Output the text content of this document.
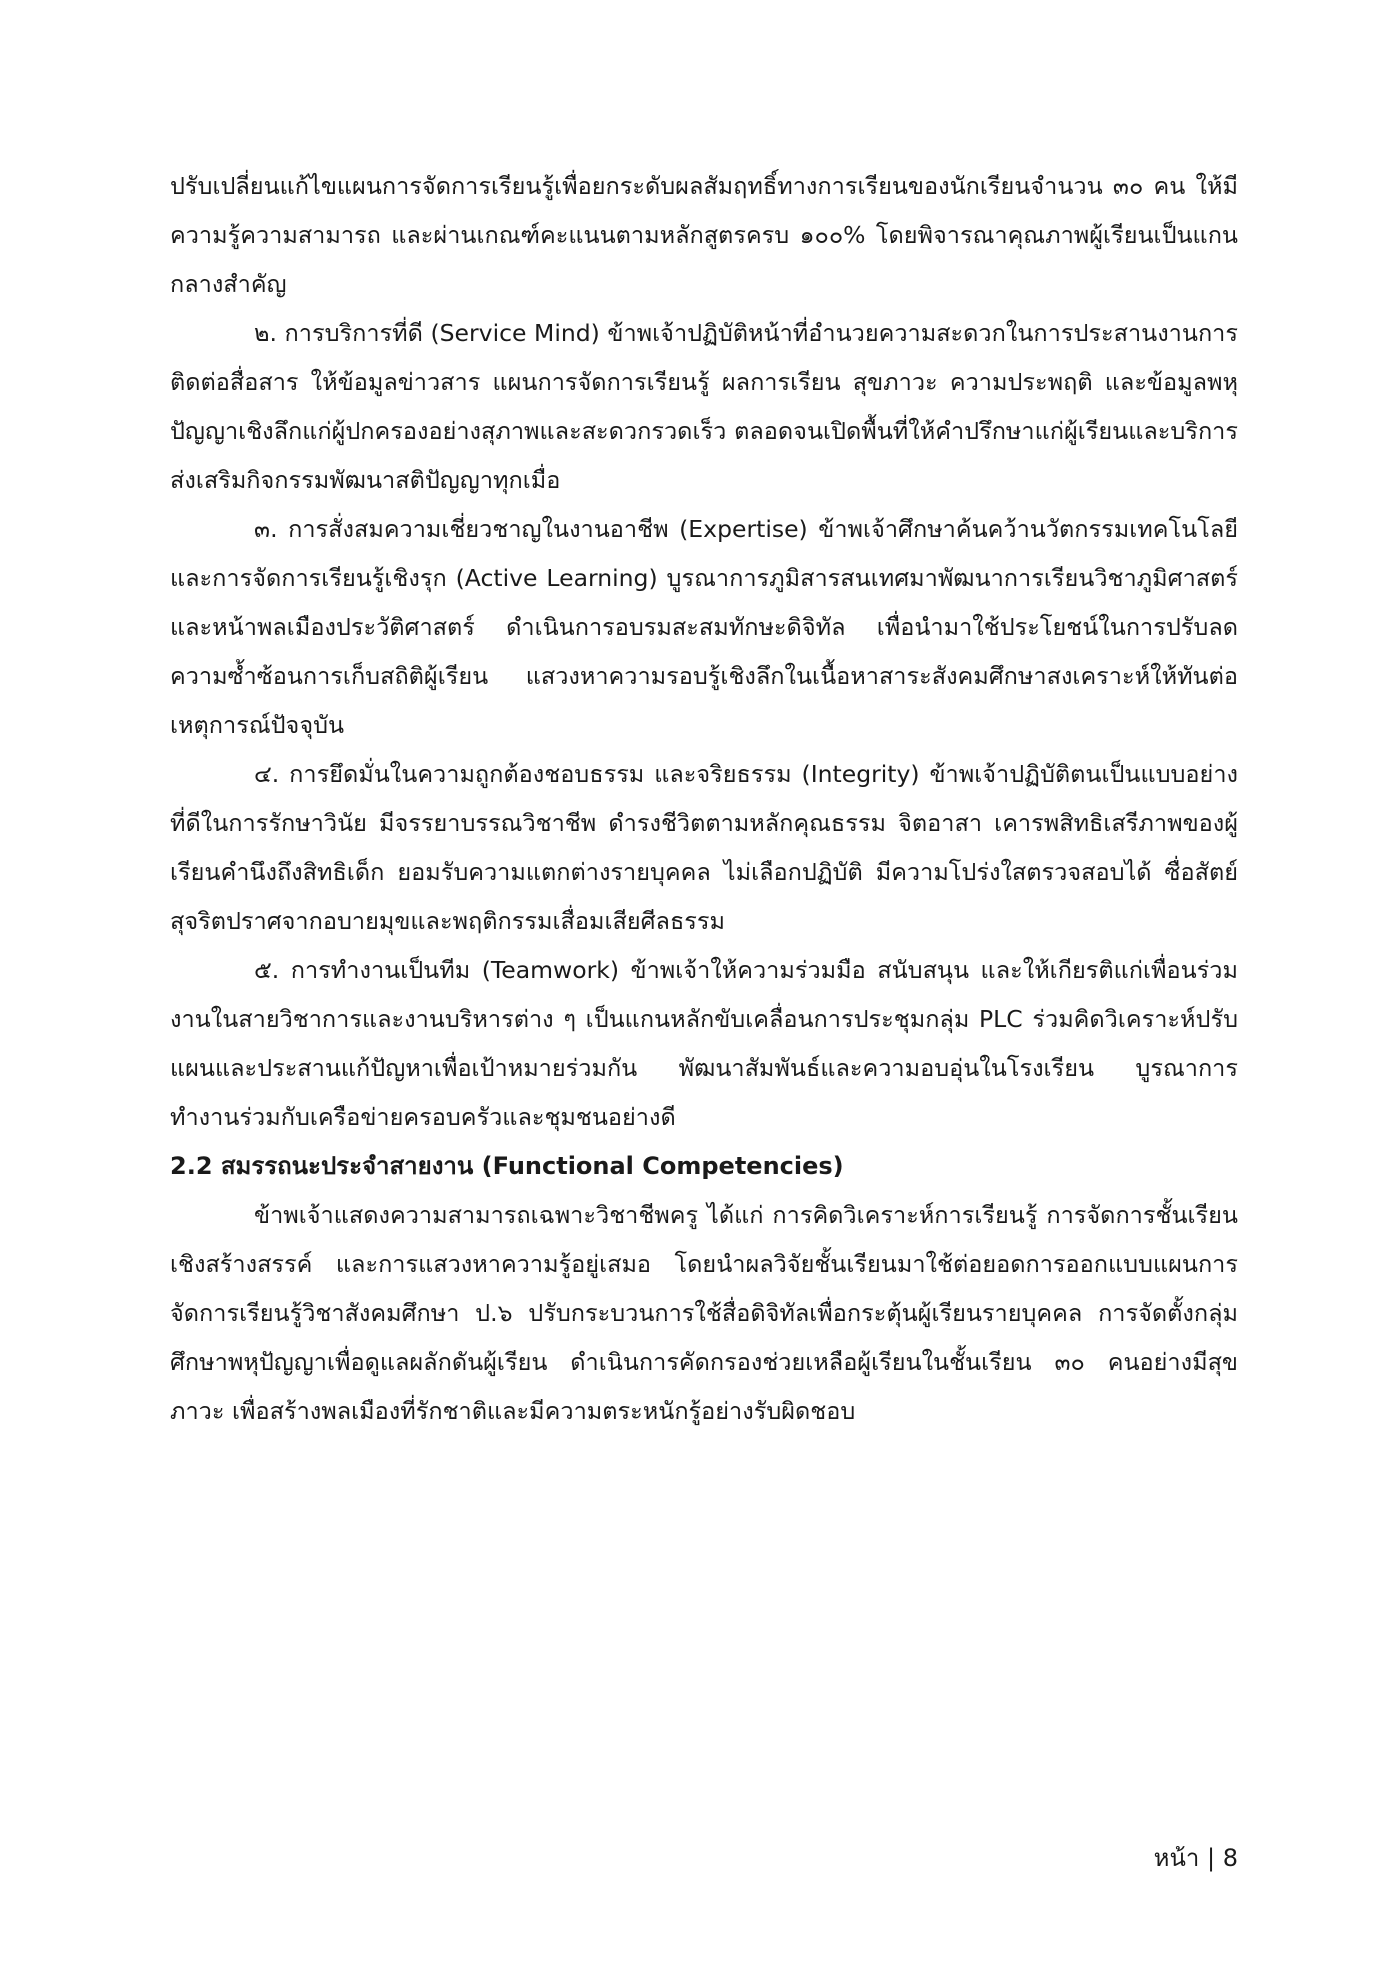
ปรับเปลี่ยนแก้ไขแผนการจัดการเรียนรู้เพื่อยกระดับผลสัมฤทธิ์ทางการเรียนของนักเรียนจำนวน ๓๐ คน ให้มีความรู้ความสามารถ และผ่านเกณฑ์คะแนนตามหลักสูตรครบ ๑๐๐% โดยพิจารณาคุณภาพผู้เรียนเป็นแกนกลางสำคัญ

๒. การบริการที่ดี (Service Mind) ข้าพเจ้าปฏิบัติหน้าที่อำนวยความสะดวกในการประสานงานการติดต่อสื่อสาร ให้ข้อมูลข่าวสาร แผนการจัดการเรียนรู้ ผลการเรียน สุขภาวะ ความประพฤติ และข้อมูลพหุปัญญาเชิงลึกแก่ผู้ปกครองอย่างสุภาพและสะดวกรวดเร็ว ตลอดจนเปิดพื้นที่ให้คำปรึกษาแก่ผู้เรียนและบริการส่งเสริมกิจกรรมพัฒนาสติปัญญาทุกเมื่อ

๓. การสั่งสมความเชี่ยวชาญในงานอาชีพ (Expertise) ข้าพเจ้าศึกษาค้นคว้านวัตกรรมเทคโนโลยีและการจัดการเรียนรู้เชิงรุก (Active Learning) บูรณาการภูมิสารสนเทศมาพัฒนาการเรียนวิชาภูมิศาสตร์และหน้าพลเมืองประวัติศาสตร์ ดำเนินการอบรมสะสมทักษะดิจิทัล เพื่อนำมาใช้ประโยชน์ในการปรับลดความซ้ำซ้อนการเก็บสถิติผู้เรียน แสวงหาความรอบรู้เชิงลึกในเนื้อหาสาระสังคมศึกษาสงเคราะห์ให้ทันต่อเหตุการณ์ปัจจุบัน

๔. การยึดมั่นในความถูกต้องชอบธรรม และจริยธรรม (Integrity) ข้าพเจ้าปฏิบัติตนเป็นแบบอย่างที่ดีในการรักษาวินัย มีจรรยาบรรณวิชาชีพ ดำรงชีวิตตามหลักคุณธรรม จิตอาสา เคารพสิทธิเสรีภาพของผู้เรียนคำนึงถึงสิทธิเด็ก ยอมรับความแตกต่างรายบุคคล ไม่เลือกปฏิบัติ มีความโปร่งใสตรวจสอบได้ ซื่อสัตย์สุจริตปราศจากอบายมุขและพฤติกรรมเสื่อมเสียศีลธรรม

๕. การทำงานเป็นทีม (Teamwork) ข้าพเจ้าให้ความร่วมมือ สนับสนุน และให้เกียรติแก่เพื่อนร่วมงานในสายวิชาการและงานบริหารต่าง ๆ เป็นแกนหลักขับเคลื่อนการประชุมกลุ่ม PLC ร่วมคิดวิเคราะห์ปรับแผนและประสานแก้ปัญหาเพื่อเป้าหมายร่วมกัน พัฒนาสัมพันธ์และความอบอุ่นในโรงเรียน บูรณาการทำงานร่วมกับเครือข่ายครอบครัวและชุมชนอย่างดี

2.2 สมรรถนะประจำสายงาน (Functional Competencies)

ข้าพเจ้าแสดงความสามารถเฉพาะวิชาชีพครู ได้แก่ การคิดวิเคราะห์การเรียนรู้ การจัดการชั้นเรียนเชิงสร้างสรรค์ และการแสวงหาความรู้อยู่เสมอ โดยนำผลวิจัยชั้นเรียนมาใช้ต่อยอดการออกแบบแผนการจัดการเรียนรู้วิชาสังคมศึกษา ป.๖ ปรับกระบวนการใช้สื่อดิจิทัลเพื่อกระตุ้นผู้เรียนรายบุคคล การจัดตั้งกลุ่มศึกษาพหุปัญญาเพื่อดูแลผลักดันผู้เรียน ดำเนินการคัดกรองช่วยเหลือผู้เรียนในชั้นเรียน ๓๐ คนอย่างมีสุขภาวะ เพื่อสร้างพลเมืองที่รักชาติและมีความตระหนักรู้อย่างรับผิดชอบ

หน้า | 8
